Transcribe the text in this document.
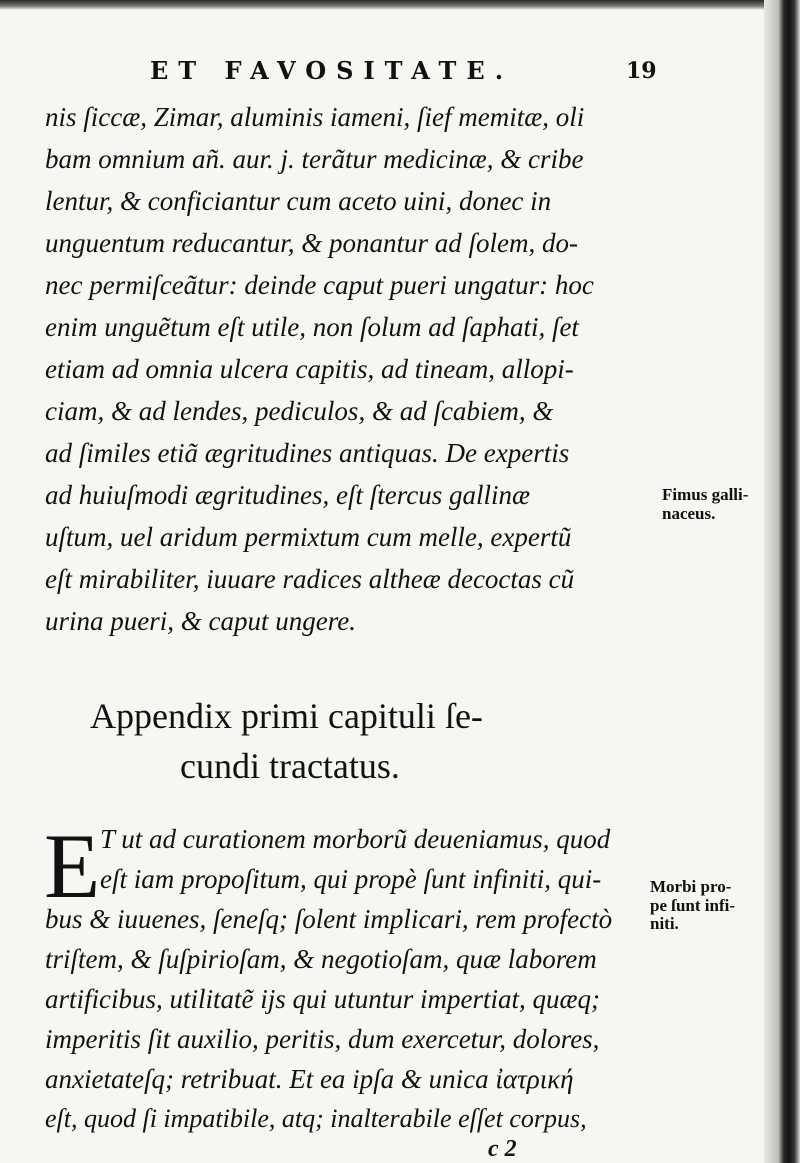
ET FAVOSITATE.	19
nis ſiccæ, Zimar, aluminis iameni, ſief memitæ, oli
bam omnium añ. aur. j. terãtur medicinæ, & cribe
lentur, & conficiantur cum aceto uini, donec in
unguentum reducantur, & ponantur ad ſolem, do-
nec permiſceãtur: deinde caput pueri ungatur: hoc
enim unguẽtum eſt utile, non ſolum ad ſaphati, ſet
etiam ad omnia ulcera capitis, ad tineam, allopi-
ciam, & ad lendes, pediculos, & ad ſcabiem, &
ad ſimiles etiã ægritudines antiquas. De expertis
ad huiuſmodi ægritudines, eſt ſtercus gallinæ
uſtum, uel aridum permixtum cum melle, expertũ
eſt mirabiliter, iuuare radices altheæ decoctas cũ
urina pueri, & caput ungere.
Fimus galli-
naceus.
Appendix primi capituli ſe-
cundi tractatus.
E T ut ad curationem morborũ deueniamus, quod
eſt iam propoſitum, qui propè ſunt infiniti, qui-
bus & iuuenes, ſeneſq; ſolent implicari, rem profectò
triſtem, & ſuſpirioſam, & negotioſam, quæ laborem
artificibus, utilitatẽ ijs qui utuntur impertiat, quæq;
imperitis ſit auxilio, peritis, dum exercetur, dolores,
anxietateſq; retribuat. Et ea ipſa & unica ἰατρική
eſt, quod ſi impatibile, atq; inalterabile eſſet corpus,
Morbi pro-
pe ſunt infi-
niti.
c 2
